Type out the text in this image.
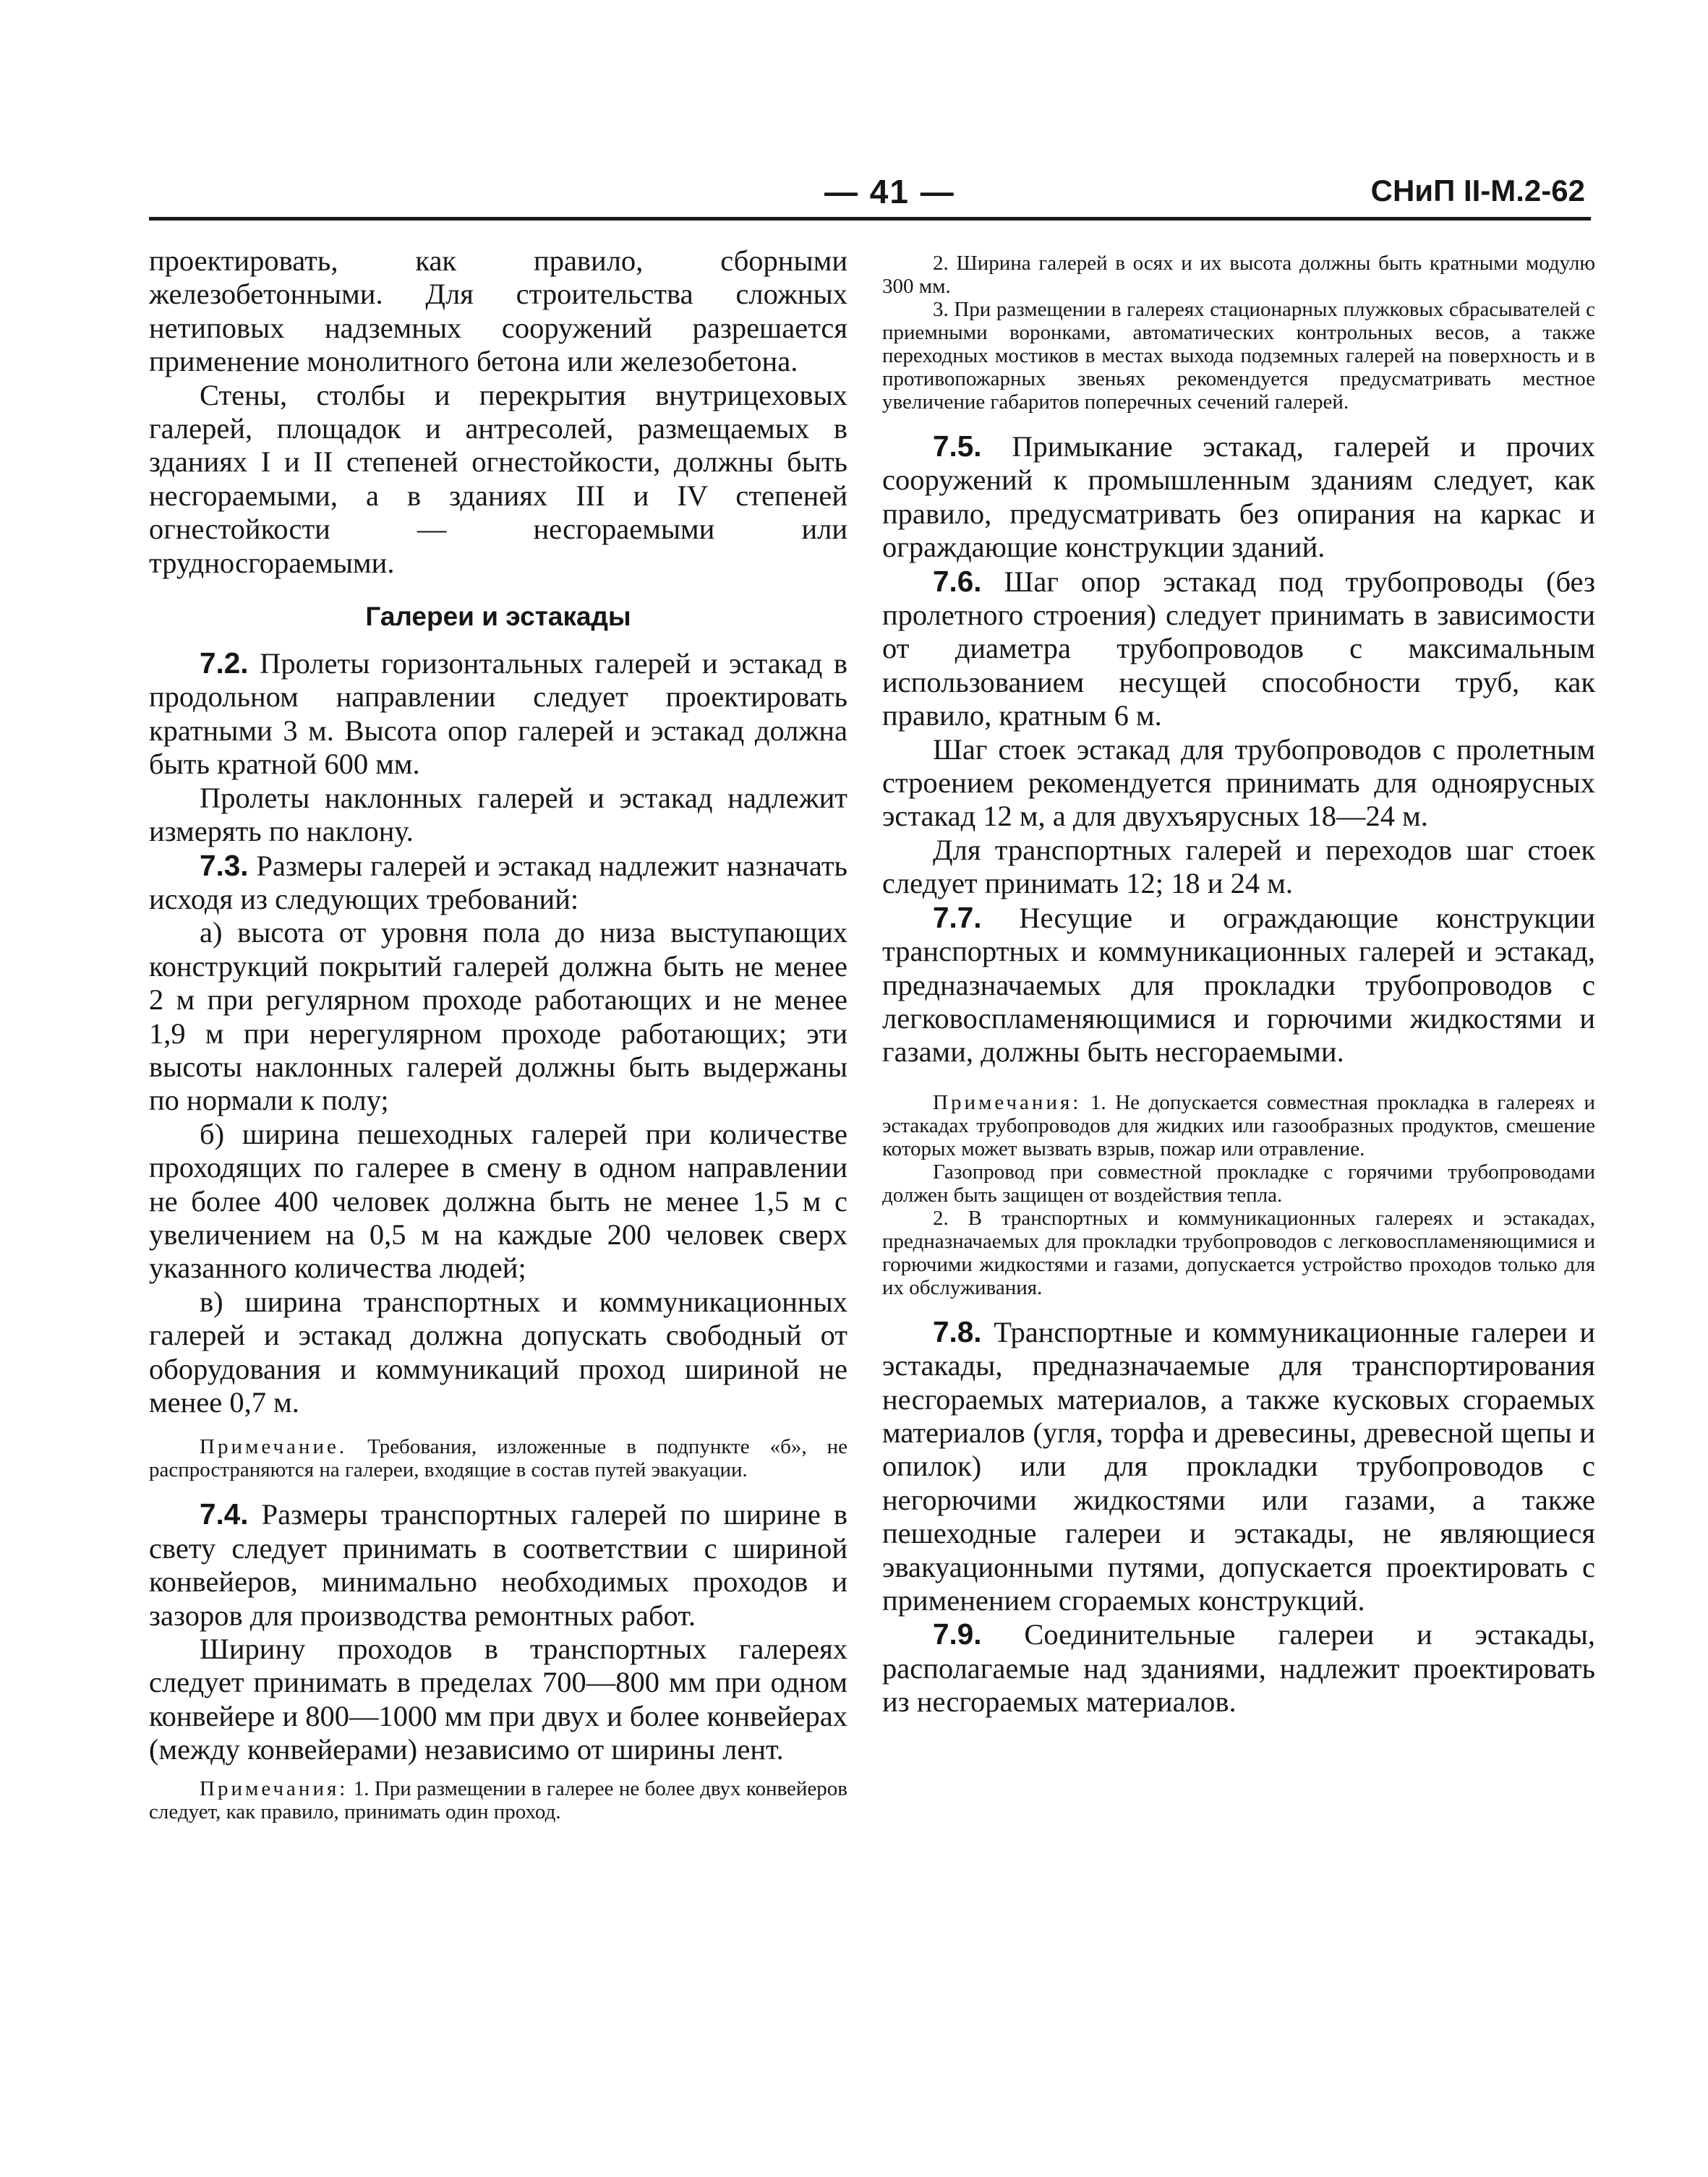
— 41 —	СНиП II-М.2-62

проектировать, как правило, сборными железобетонными. Для строительства сложных нетиповых надземных сооружений разрешается применение монолитного бетона или железобетона.

Стены, столбы и перекрытия внутрицеховых галерей, площадок и антресолей, размещаемых в зданиях I и II степеней огнестойкости, должны быть несгораемыми, а в зданиях III и IV степеней огнестойкости — несгораемыми или трудносгораемыми.

Галереи и эстакады

7.2. Пролеты горизонтальных галерей и эстакад в продольном направлении следует проектировать кратными 3 м. Высота опор галерей и эстакад должна быть кратной 600 мм.

Пролеты наклонных галерей и эстакад надлежит измерять по наклону.

7.3. Размеры галерей и эстакад надлежит назначать исходя из следующих требований:

а) высота от уровня пола до низа выступающих конструкций покрытий галерей должна быть не менее 2 м при регулярном проходе работающих и не менее 1,9 м при нерегулярном проходе работающих; эти высоты наклонных галерей должны быть выдержаны по нормали к полу;

б) ширина пешеходных галерей при количестве проходящих по галерее в смену в одном направлении не более 400 человек должна быть не менее 1,5 м с увеличением на 0,5 м на каждые 200 человек сверх указанного количества людей;

в) ширина транспортных и коммуникационных галерей и эстакад должна допускать свободный от оборудования и коммуникаций проход шириной не менее 0,7 м.

Примечание. Требования, изложенные в подпункте «б», не распространяются на галереи, входящие в состав путей эвакуации.

7.4. Размеры транспортных галерей по ширине в свету следует принимать в соответствии с шириной конвейеров, минимально необходимых проходов и зазоров для производства ремонтных работ.

Ширину проходов в транспортных галереях следует принимать в пределах 700—800 мм при одном конвейере и 800—1000 мм при двух и более конвейерах (между конвейерами) независимо от ширины лент.

Примечания: 1. При размещении в галерее не более двух конвейеров следует, как правило, принимать один проход.

2. Ширина галерей в осях и их высота должны быть кратными модулю 300 мм.

3. При размещении в галереях стационарных плужковых сбрасывателей с приемными воронками, автоматических контрольных весов, а также переходных мостиков в местах выхода подземных галерей на поверхность и в противопожарных звеньях рекомендуется предусматривать местное увеличение габаритов поперечных сечений галерей.

7.5. Примыкание эстакад, галерей и прочих сооружений к промышленным зданиям следует, как правило, предусматривать без опирания на каркас и ограждающие конструкции зданий.

7.6. Шаг опор эстакад под трубопроводы (без пролетного строения) следует принимать в зависимости от диаметра трубопроводов с максимальным использованием несущей способности труб, как правило, кратным 6 м.

Шаг стоек эстакад для трубопроводов с пролетным строением рекомендуется принимать для одноярусных эстакад 12 м, а для двухъярусных 18—24 м.

Для транспортных галерей и переходов шаг стоек следует принимать 12; 18 и 24 м.

7.7. Несущие и ограждающие конструкции транспортных и коммуникационных галерей и эстакад, предназначаемых для прокладки трубопроводов с легковоспламеняющимися и горючими жидкостями и газами, должны быть несгораемыми.

Примечания: 1. Не допускается совместная прокладка в галереях и эстакадах трубопроводов для жидких или газообразных продуктов, смешение которых может вызвать взрыв, пожар или отравление.

Газопровод при совместной прокладке с горячими трубопроводами должен быть защищен от воздействия тепла.

2. В транспортных и коммуникационных галереях и эстакадах, предназначаемых для прокладки трубопроводов с легковоспламеняющимися и горючими жидкостями и газами, допускается устройство проходов только для их обслуживания.

7.8. Транспортные и коммуникационные галереи и эстакады, предназначаемые для транспортирования несгораемых материалов, а также кусковых сгораемых материалов (угля, торфа и древесины, древесной щепы и опилок) или для прокладки трубопроводов с негорючими жидкостями или газами, а также пешеходные галереи и эстакады, не являющиеся эвакуационными путями, допускается проектировать с применением сгораемых конструкций.

7.9. Соединительные галереи и эстакады, располагаемые над зданиями, надлежит проектировать из несгораемых материалов.
